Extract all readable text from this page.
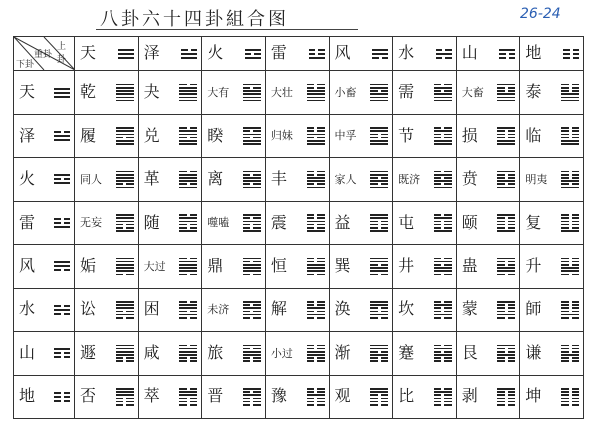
八卦六十四卦組合图	26-24
上卦
重卦
下卦	天	泽	火	雷	风	水	山	地

天	乾	夬	大有	大壮	小畜	需	大畜	泰

泽	履	兑	睽	归妹	中孚	节	损	临

火	同人	革	离	丰	家人	既济	贲	明夷

雷	无妄	随	噬嗑	震	益	屯	颐	复

风	姤	大过	鼎	恒	巽	井	蛊	升

水	讼	困	未济	解	涣	坎	蒙	師

山	遯	咸	旅	小过	渐	蹇	艮	谦

地	否	萃	晋	豫	观	比	剥	坤
